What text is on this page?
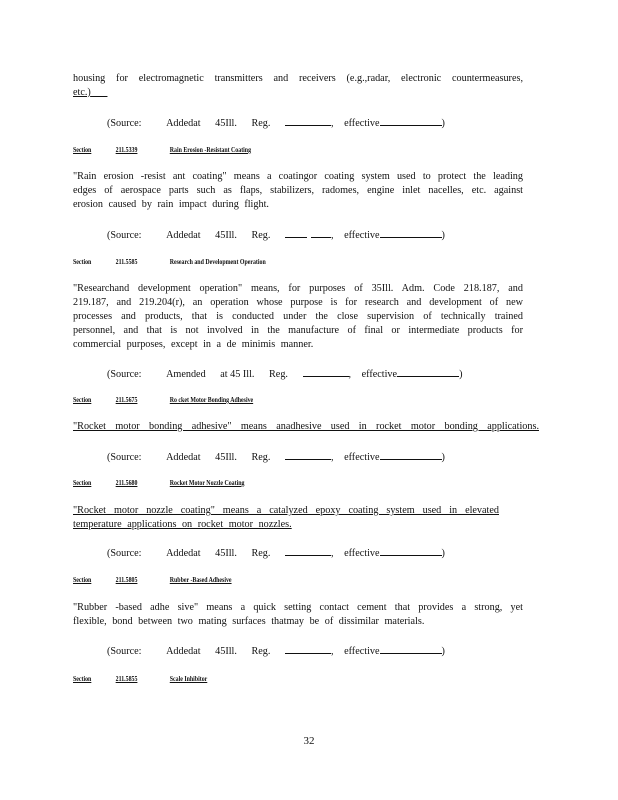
housing for electromagnetic transmitters and receivers (e.g.,radar, electronic countermeasures,
etc.)
(Source: Addedat 45Ill. Reg.	, effective	)
Section	211.5339	Rain Erosion -Resistant Coating
"Rain erosion -resist ant coating" means a coatingor coating system used to protect the leading
edges of aerospace parts such as flaps, stabilizers, radomes, engine inlet nacelles, etc. against
erosion caused by rain impact during flight.
(Source: Addedat 45Ill. Reg.	, effective	)
Section	211.5585	Research and Development Operation
"Researchand development operation" means, for purposes of 35Ill. Adm. Code 218.187, and
219.187, and 219.204(r), an operation whose purpose is for research and development of new
processes and products, that is conducted under the close supervision of technically trained
personnel, and that is not involved in the manufacture of final or intermediate products for
commercial purposes, except in a de minimis manner.
(Source: Amended at 45 Ill. Reg.	, effective	)
Section	211.5675	Ro cket Motor Bonding Adhesive
"Rocket motor bonding adhesive" means anadhesive used in rocket motor bonding applications.
(Source: Addedat 45Ill. Reg.	, effective	)
Section	211.5680	Rocket Motor Nozzle Coating
"Rocket motor nozzle coating" means a catalyzed epoxy coating system used in elevated
temperature applications on rocket motor nozzles.
(Source: Addedat 45Ill. Reg.	, effective	)
Section	211.5805	Rubber -Based Adhesive
"Rubber -based adhe sive" means a quick setting contact cement that provides a strong, yet
flexible, bond between two mating surfaces thatmay be of dissimilar materials.
(Source: Addedat 45Ill. Reg.	, effective	)
Section	211.5855	Scale Inhibitor
32
